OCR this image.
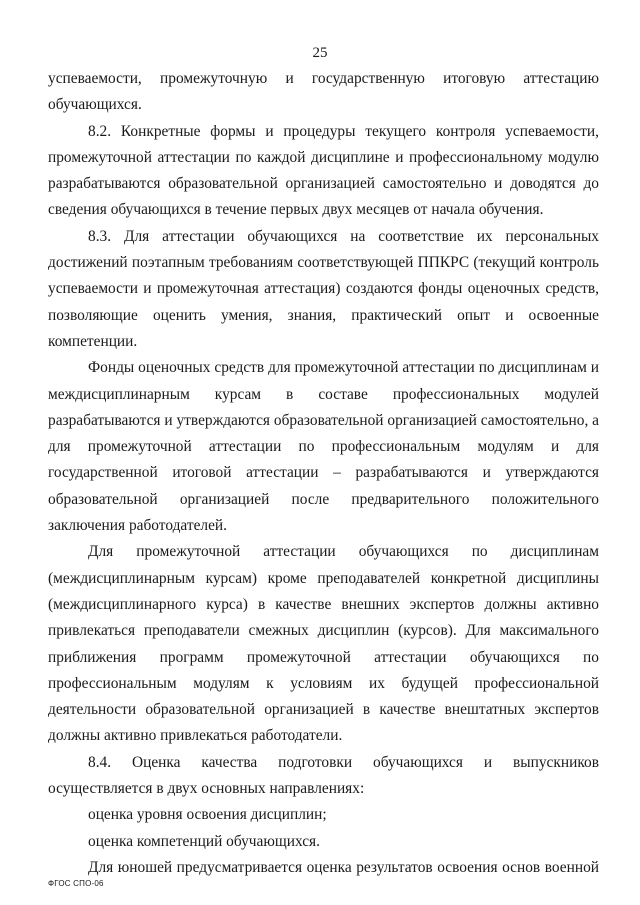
25

успеваемости, промежуточную и государственную итоговую аттестацию обучающихся.

8.2. Конкретные формы и процедуры текущего контроля успеваемости, промежуточной аттестации по каждой дисциплине и профессиональному модулю разрабатываются образовательной организацией самостоятельно и доводятся до сведения обучающихся в течение первых двух месяцев от начала обучения.

8.3. Для аттестации обучающихся на соответствие их персональных достижений поэтапным требованиям соответствующей ППКРС (текущий контроль успеваемости и промежуточная аттестация) создаются фонды оценочных средств, позволяющие оценить умения, знания, практический опыт и освоенные компетенции.

Фонды оценочных средств для промежуточной аттестации по дисциплинам и междисциплинарным курсам в составе профессиональных модулей разрабатываются и утверждаются образовательной организацией самостоятельно, а для промежуточной аттестации по профессиональным модулям и для государственной итоговой аттестации – разрабатываются и утверждаются образовательной организацией после предварительного положительного заключения работодателей.

Для промежуточной аттестации обучающихся по дисциплинам (междисциплинарным курсам) кроме преподавателей конкретной дисциплины (междисциплинарного курса) в качестве внешних экспертов должны активно привлекаться преподаватели смежных дисциплин (курсов). Для максимального приближения программ промежуточной аттестации обучающихся по профессиональным модулям к условиям их будущей профессиональной деятельности образовательной организацией в качестве внештатных экспертов должны активно привлекаться работодатели.

8.4. Оценка качества подготовки обучающихся и выпускников осуществляется в двух основных направлениях:

оценка уровня освоения дисциплин;

оценка компетенций обучающихся.

Для юношей предусматривается оценка результатов освоения основ военной

ФГОС СПО-06
